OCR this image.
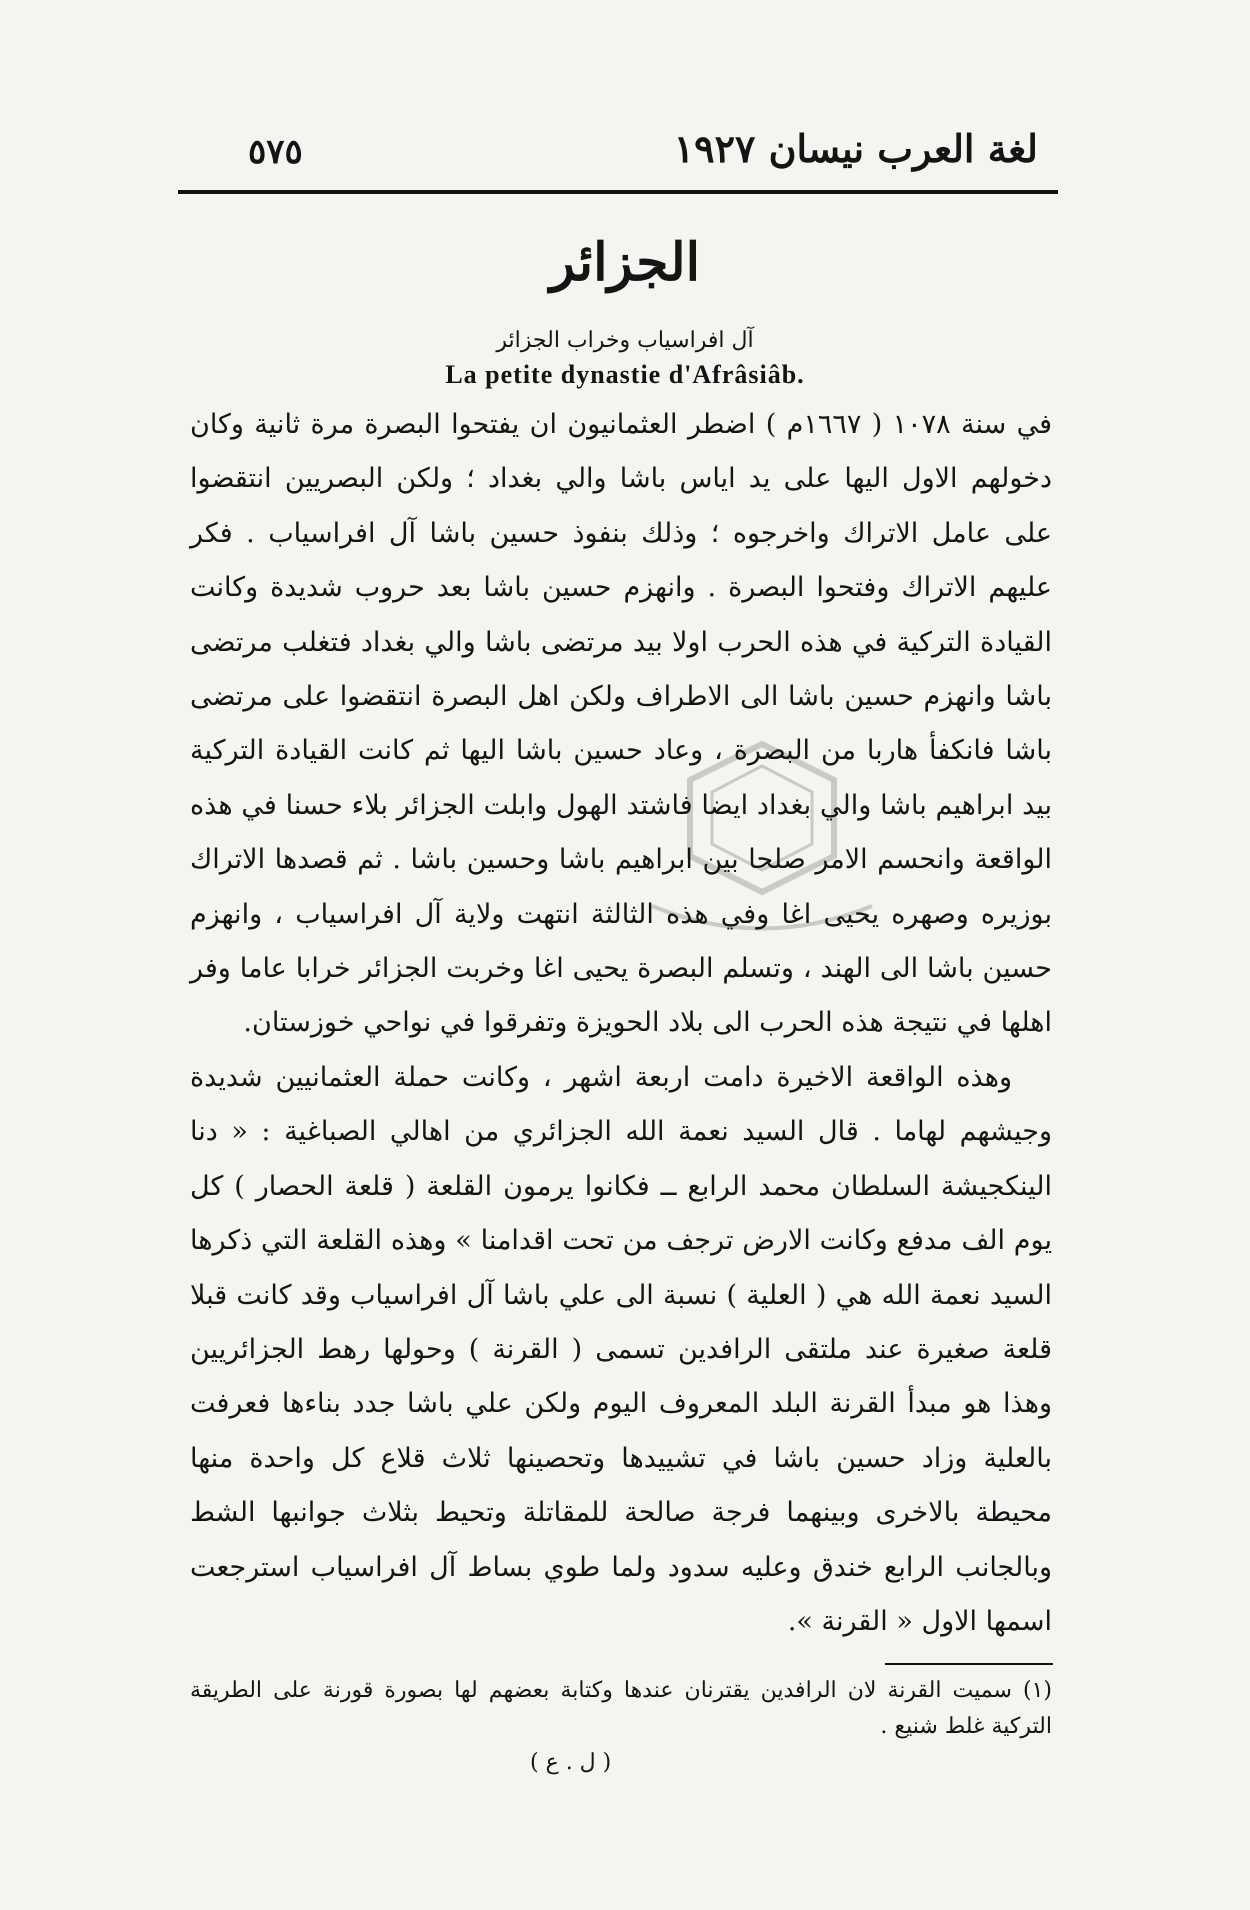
٥٧٥	لغة العرب نيسان ١٩٢٧
الجزائر
آل افراسياب وخراب الجزائر
La petite dynastie d'Afrâsiâb.

في سنة ١٠٧٨ ( ١٦٦٧م ) اضطر العثمانيون ان يفتحوا البصرة مرة ثانية وكان دخولهم الاول اليها على يد اياس باشا والي بغداد ؛ ولكن البصريين انتقضوا على عامل الاتراك واخرجوه ؛ وذلك بنفوذ حسين باشا آل افراسياب . فكر عليهم الاتراك وفتحوا البصرة . وانهزم حسين باشا بعد حروب شديدة وكانت القيادة التركية في هذه الحرب اولا بيد مرتضى باشا والي بغداد فتغلب مرتضى باشا وانهزم حسين باشا الى الاطراف ولكن اهل البصرة انتقضوا على مرتضى باشا فانكفأ هاربا من البصرة ، وعاد حسين باشا اليها ثم كانت القيادة التركية بيد ابراهيم باشا والي بغداد ايضا فاشتد الهول وابلت الجزائر بلاء حسنا في هذه الواقعة وانحسم الامر صلحا بين ابراهيم باشا وحسين باشا . ثم قصدها الاتراك بوزيره وصهره يحيى اغا وفي هذه الثالثة انتهت ولاية آل افراسياب ، وانهزم حسين باشا الى الهند ، وتسلم البصرة يحيى اغا وخربت الجزائر خرابا عاما وفر اهلها في نتيجة هذه الحرب الى بلاد الحويزة وتفرقوا في نواحي خوزستان.

وهذه الواقعة الاخيرة دامت اربعة اشهر ، وكانت حملة العثمانيين شديدة وجيشهم لهاما . قال السيد نعمة الله الجزائري من اهالي الصباغية : « دنا الينكجيشة السلطان محمد الرابع ــ فكانوا يرمون القلعة ( قلعة الحصار ) كل يوم الف مدفع وكانت الارض ترجف من تحت اقدامنا » وهذه القلعة التي ذكرها السيد نعمة الله هي ( العلية ) نسبة الى علي باشا آل افراسياب وقد كانت قبلا قلعة صغيرة عند ملتقى الرافدين تسمى ( القرنة ) وحولها رهط الجزائريين وهذا هو مبدأ القرنة البلد المعروف اليوم ولكن علي باشا جدد بناءها فعرفت بالعلية وزاد حسين باشا في تشييدها وتحصينها ثلاث قلاع كل واحدة منها محيطة بالاخرى وبينهما فرجة صالحة للمقاتلة وتحيط بثلاث جوانبها الشط وبالجانب الرابع خندق وعليه سدود ولما طوي بساط آل افراسياب استرجعت اسمها الاول « القرنة ».

(١) سميت القرنة لان الرافدين يقترنان عندها وكتابة بعضهم لها بصورة قورنة على الطريقة التركية غلط شنيع .
( ل . ع )
